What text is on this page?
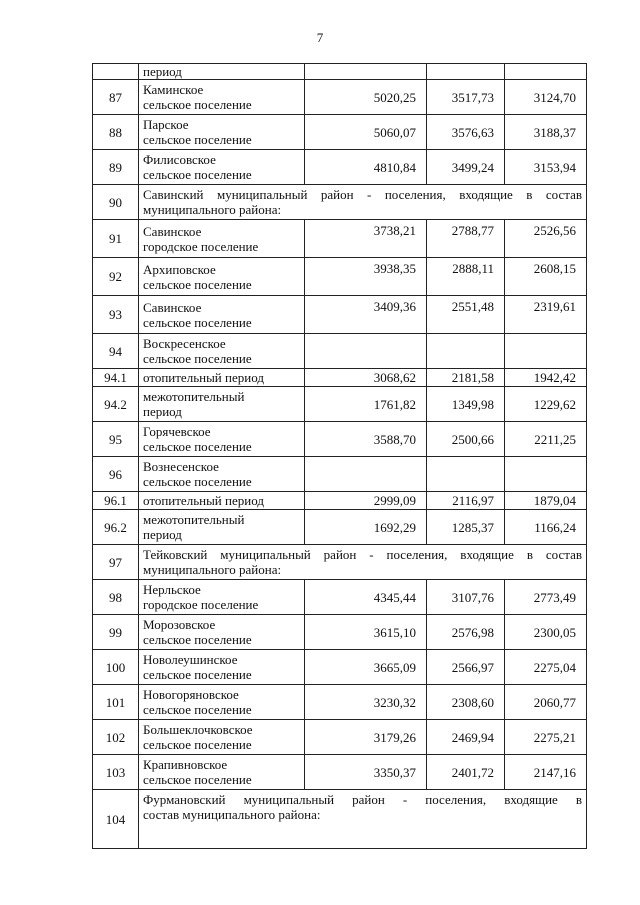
7
	период			
87	Каминское
сельское поселение	5020,25	3517,73	3124,70
88	Парское
сельское поселение	5060,07	3576,63	3188,37
89	Филисовское
сельское поселение	4810,84	3499,24	3153,94
90	Савинский муниципальный район - поселения, входящие в состав
муниципального района:			

91	Савинское
городское поселение	3738,21	2788,77	2526,56
92	Архиповское
сельское поселение	3938,35	2888,11	2608,15
93	Савинское
сельское поселение	3409,36	2551,48	2319,61
94	Воскресенское
сельское поселение			

94.1	отопительный период	3068,62	2181,58	1942,42
94.2	межотопительный
период	1761,82	1349,98	1229,62
95	Горячевское
сельское поселение	3588,70	2500,66	2211,25
96	Вознесенское
сельское поселение			

96.1	отопительный период	2999,09	2116,97	1879,04
96.2	межотопительный
период	1692,29	1285,37	1166,24
97	Тейковский муниципальный район - поселения, входящие в состав
муниципального района:			

98	Нерльское
городское поселение	4345,44	3107,76	2773,49
99	Морозовское
сельское поселение	3615,10	2576,98	2300,05
100	Новолеушинское
сельское поселение	3665,09	2566,97	2275,04
101	Новогоряновское
сельское поселение	3230,32	2308,60	2060,77
102	Большеклочковское
сельское поселение	3179,26	2469,94	2275,21
103	Крапивновское
сельское поселение	3350,37	2401,72	2147,16
104	Фурмановский муниципальный район - поселения, входящие в
состав муниципального района:			
